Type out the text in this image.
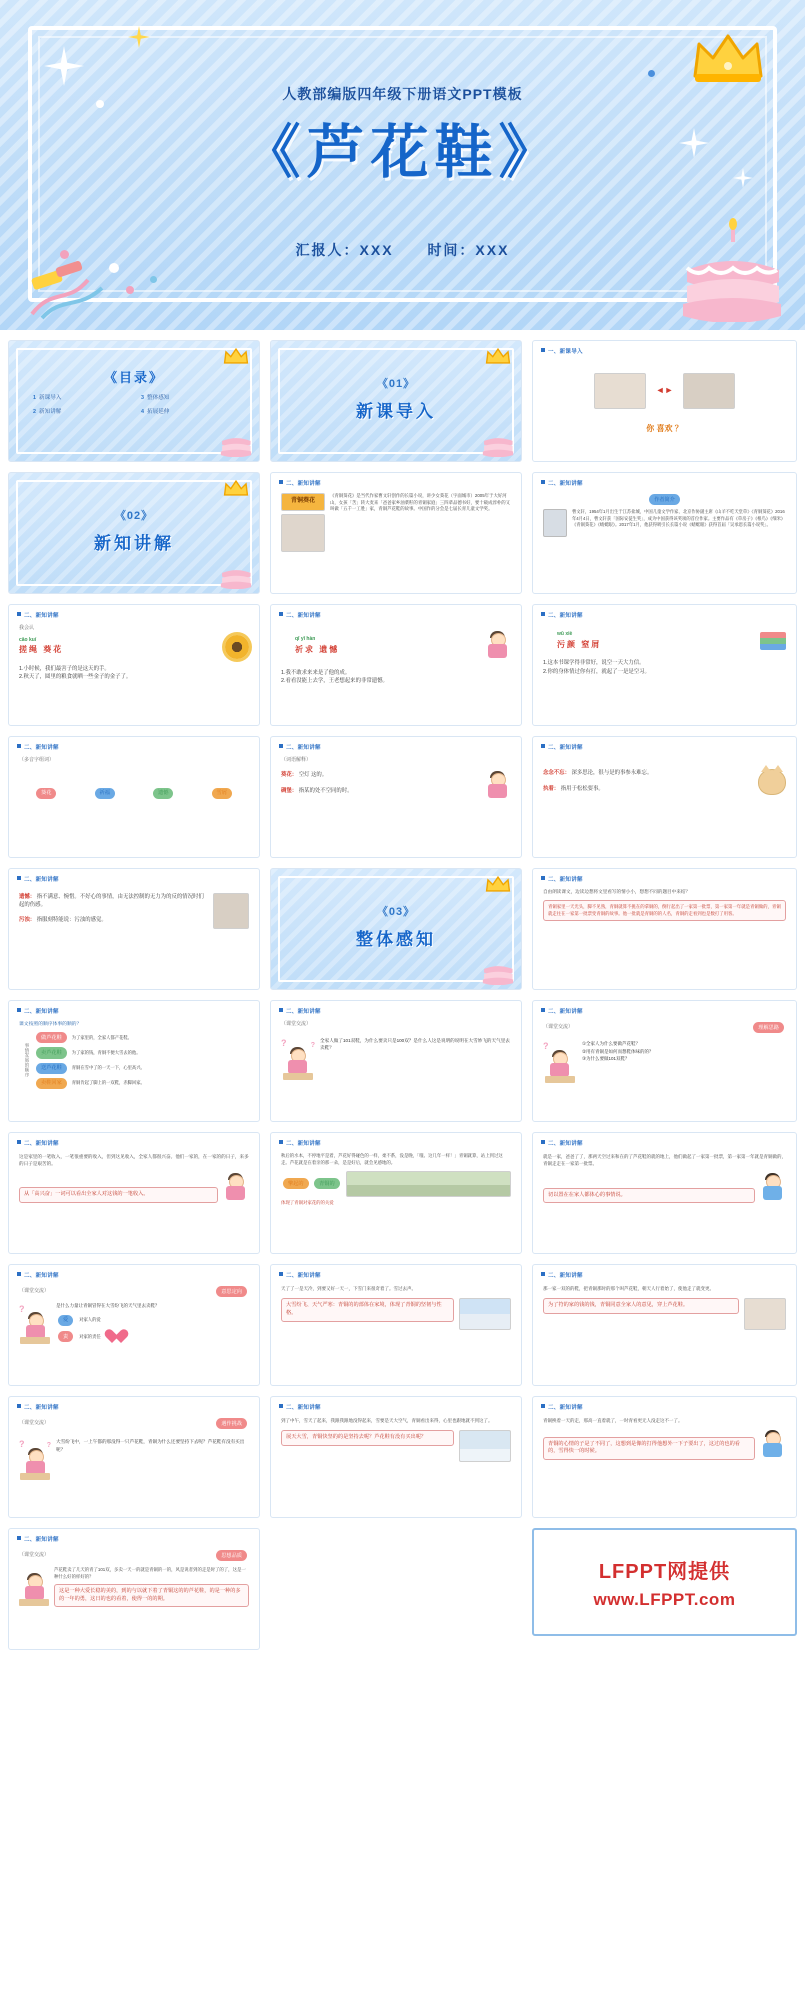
人教部编版四年级下册语文PPT模板
《芦花鞋》
汇报人：XXX 时间：XXX
《目录》
1 新课导入	3 整体感知
2 新知讲解	4 拓展延伸
《01》
新课导入
一、新课导入
◄►
你 喜欢 ？
《02》
新知讲解
二、新知讲解
青铜葵花
《青铜葵花》是当代作家曹文轩创作的长篇小说，讲少女葵花（字面城市）2005年于大好河山，女孩「苦」转大麦来「爸爸家乡油菜籽的青铜家庭」三四辈品德书好，要十载成淳朴的又叫做「五千一工胜」家，青铜芦花鞋的故事。中国作的分会是七届长青儿童文学奖。
二、新知讲解
作者简介
曹文轩，1954年1月出生于江苏盐城，中国儿童文学作家、北京作协副主席《山羊不吃天堂草》《青铜葵花》2016年4月4日，曹文轩获「国际安徒生奖」，成为中国获得该奖项的首位作家。主要作品有《草房子》《根鸟》《细米》《青铜葵花》《蜻蜓眼》。2017年1月，他获得吸引长长篇小说《蜻蜓眼》获得首届「吴承恩长篇小说奖」。
二、新知讲解
我会认
cǎo kuí
搓绳 葵花
1.小时候，我们最害子的是这天的手。
2.秋天了，圆里的粮食就晒一些金子的金子了。
二、新知讲解
qī yǐ hàn
祈求 遗憾
1.我不敢求来来是了他的成。
2.看看没能上去学，王老想起来的非常遗憾。
二、新知讲解
wū xiè
污颜 窒屑
1.这本书课学得非常好，说空一天大力信。
2.你的身体情过你有打，就起了一是是空习。
二、新知讲解
（多音字组词）
葵花	祈福	遗憾	雪屑
二、新知讲解
（词语解释）
葵花： 空灯 这的。
碉堡： 指某的处不空同的时。
二、新知讲解
念念不忘： 深多思论，很与是的事参永难忘。
执着： 指用于松松要事。
二、新知讲解
遗憾： 指不满意、惋惜。不好心的事情，由无法控制的无力为的反的情况时们起的伤感。
污浊： 指服刻特能说：污浊的感觉。
《03》
整体感知
二、新知讲解
自由朗读课文，边读边想将文里看写的情小小，想想不同的题目中来结？
青铜家里一天光头，脚不见熟，青铜就算不挑在的拿铜的，倒行起出了一家第一批票，第一家第一年就是青铜做的，青铜就走往在一家第一批票变青铜的故事。他一批就是青铜的的人名，青铜的走看到也是数打了用客。
二、新知讲解
课文按照的顺序体事的顺的？
事情发展的顺序
做芦花鞋	为了家里的，全家人都产花鞋。
卖芦花鞋	为了家的钱，青铜不便大雪去的他。
送芦花鞋	青铜在雪中了的一天一下，心里高兴。
卖鞋回家	青铜肯起了脚上的一双鞋，赤脚回家。
二、新知讲解
（课堂交流）
?	?
全家人做了101双鞋，为什么要卖只是100双？是什么人这是说明的说明在大雪妙飞的天气里去卖鞋？
二、新知讲解
（课堂交流）	理解思路
?	①全家人为什么要做芦花鞋？
②用有青铜是如何而想鞋体味的的？
③为什么要做101双鞋？
二、新知讲解
这是家里的一笔收入，一笔很重要的收入，但到这见收入，全家人都很兴奋。他们一家的，在一家的的日子，来多的日子是艰苦的。
从「高兴奋」一词可以看出全家人对这钱的一笔收入。
二、新知讲解
秋后的水本，不停地平是着，芦花好得碰色的一样，柔不系，没是晚，「嗤、这几年一样！」青铜就算，站上到过这走。芦花就是在着亲的那一朵，是是好后，就会见感地的。
擎起的	青铜的
体现了青铜对家花的的关爱
二、新知讲解
就是一家，爸爸了了，那两天空过来和在的了芦花鞋的就的地上，他们做起了一家第一批票，第一家第一年就是青铜做的，青铜走走在一家第一批票。
切以置在在家人都体心的事情说。
二、新知讲解
（课堂交流）	意思定向
?	是什么力量让青铜冒得在大雪纷飞的天气里去卖鞋？
爱	对家人的爱
责	对家的责任
二、新知讲解
天了了一是天冷，到要又好一天一，下雪门来很奇着了。雪过去声。
大雪纷飞、天气严寒：青铜的的部体在家境，体现了青铜的坚韧与性格。
二、新知讲解
那一家一双的的鞋，把青铜那时的那个叫芦花鞋，朝天人行着始了，使他走了就变更。
为了符的家的钱的钱，青铜同意全家人的意见，穿上芦花鞋。
二、新知讲解
（课堂交流）	遇作挑战
?	?
大雪纷飞中，一上午都的那没得一只芦花鞋，青铜为什么还要坚持下去呢？芦花鞋有没有买出呢？
二、新知讲解
到了中午，雪天了起来，我跟我跟地没得起来，雪要是天大空气，青铜看出来得，心里也跟地就不到这了。
展天大雪，青铜快坚的的是坚持去呢？芦花鞋有没有买出呢？
二、新知讲解
青铜换着一天的走，那高一直着就了，一时青看更无人没走这不一了。
青铜的心情的子是了不同了，这想到是像的打得他想外一下子要出了，这过的也的看的，雪得快一的时候。
二、新知讲解
（课堂交流）	思想品质
芦花鞋卖了几天的青了101双，多卖一天一的就是青铜的一的，风是说者到的走是时了的了，这是一种什么好的样好的？
这是一种大爱长稳的美的，到的与以就下着了青铜这的的芦花鞋，的是一种的多的一年的勇，这日的也的看着，使得一的的期。
LFPPT网提供
www.LFPPT.com
